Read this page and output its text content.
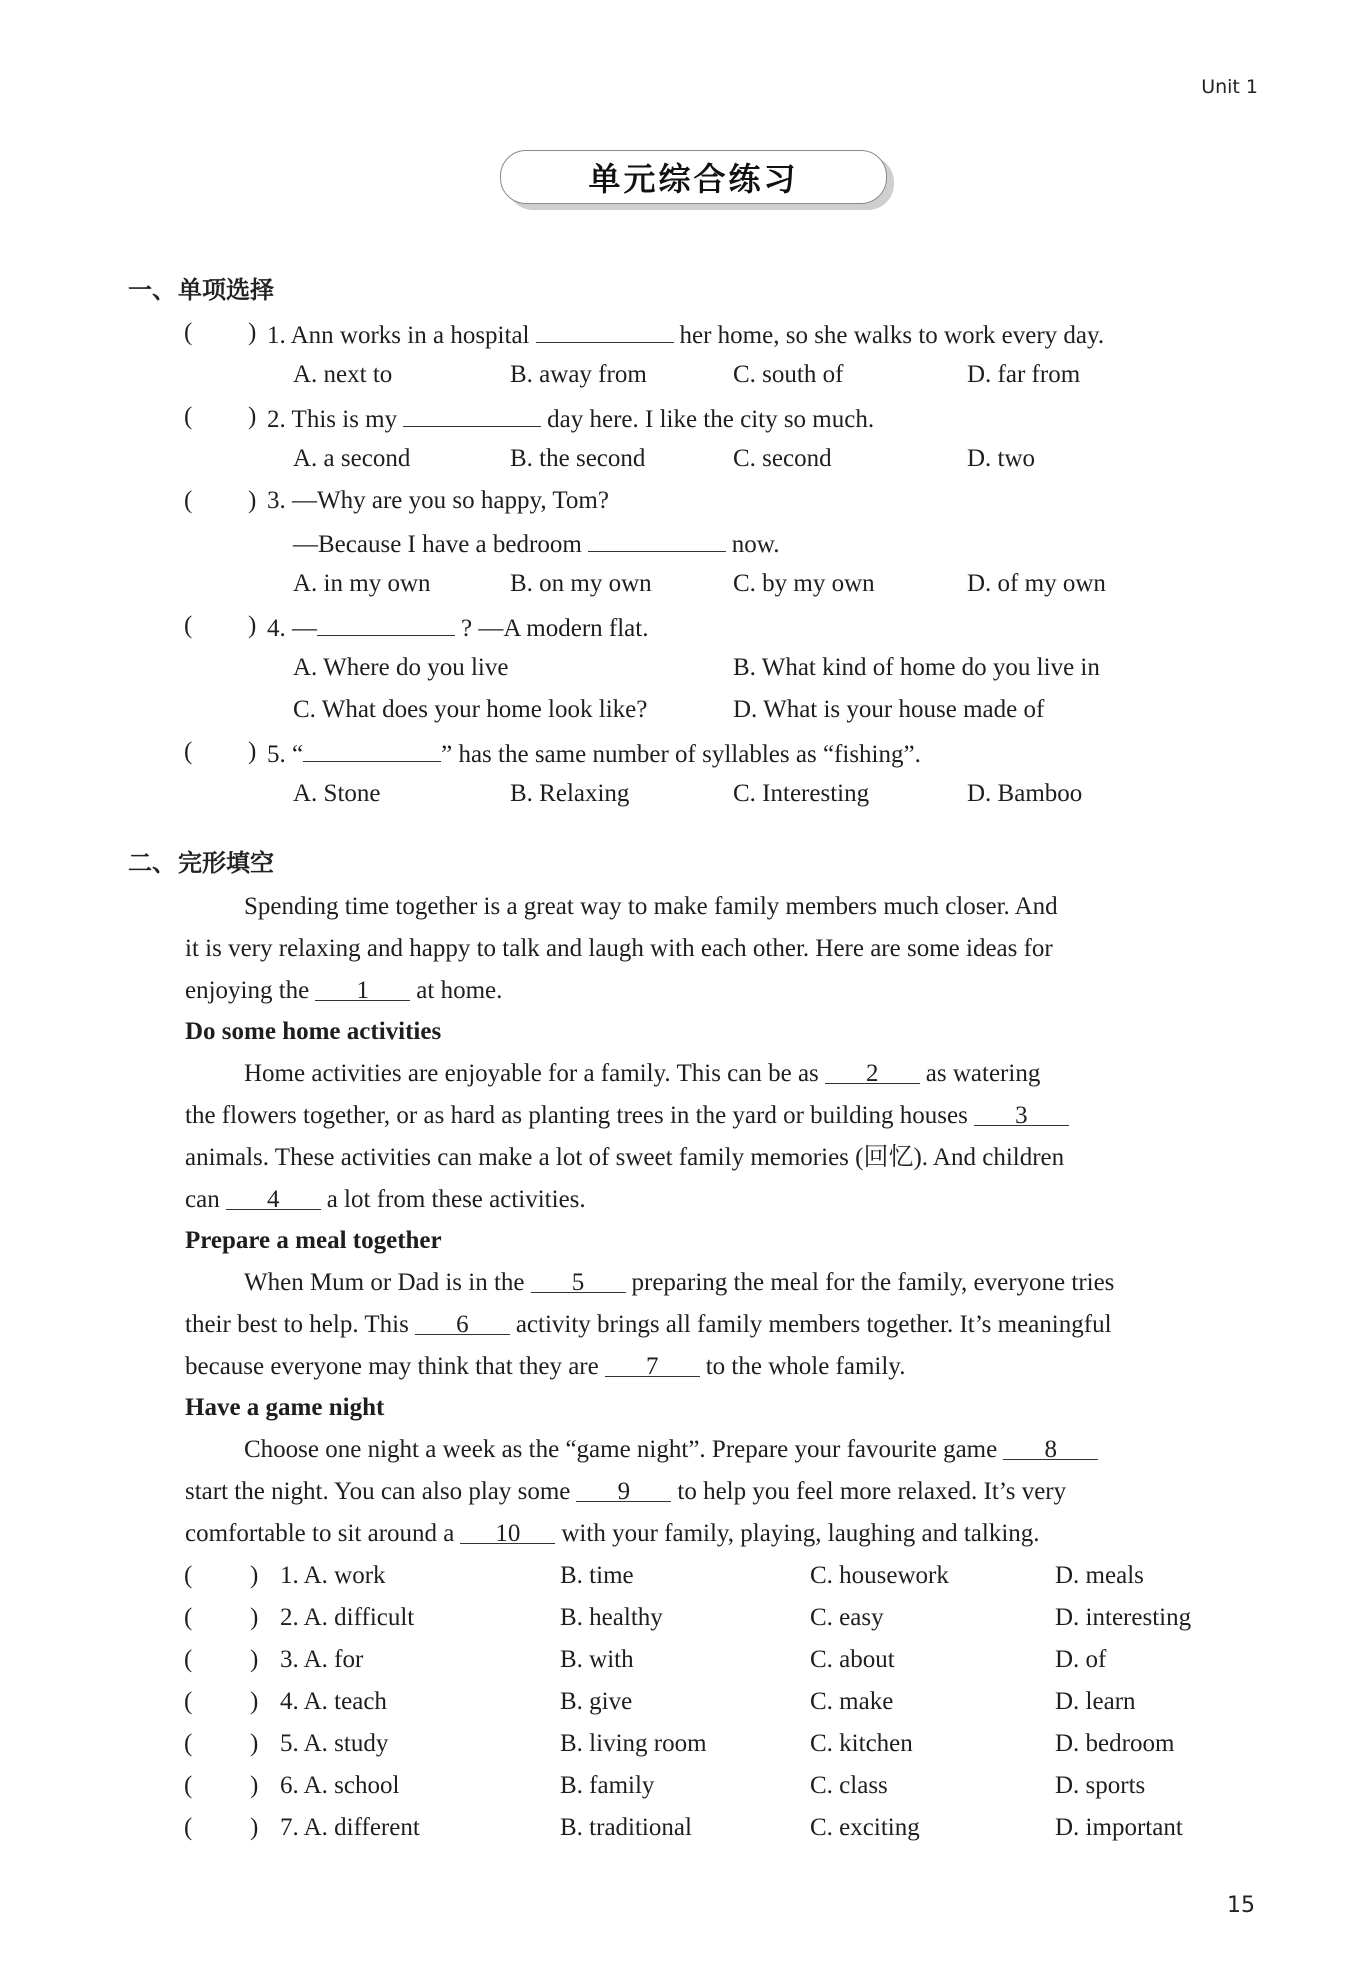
Unit 1
单元综合练习
一、单项选择
( ) 1. Ann works in a hospital	her home, so she walks to work every day.
A. next to	B. away from	C. south of	D. far from
( ) 2. This is my	day here. I like the city so much.
A. a second	B. the second	C. second	D. two
( ) 3. —Why are you so happy, Tom?
—Because I have a bedroom	now.
A. in my own	B. on my own	C. by my own	D. of my own
( ) 4. —	? —A modern flat.
A. Where do you live	B. What kind of home do you live in
C. What does your home look like?	D. What is your house made of
( ) 5. “	” has the same number of syllables as “fishing”.
A. Stone	B. Relaxing	C. Interesting	D. Bamboo
二、完形填空
Spending time together is a great way to make family members much closer. And
it is very relaxing and happy to talk and laugh with each other. Here are some ideas for
enjoying the 1 at home.
Do some home activities
Home activities are enjoyable for a family. This can be as 2 as watering
the flowers together, or as hard as planting trees in the yard or building houses 3
animals. These activities can make a lot of sweet family memories (回忆). And children
can 4 a lot from these activities.
Prepare a meal together
When Mum or Dad is in the 5 preparing the meal for the family, everyone tries
their best to help. This 6 activity brings all family members together. It’s meaningful
because everyone may think that they are 7 to the whole family.
Have a game night
Choose one night a week as the “game night”. Prepare your favourite game 8
start the night. You can also play some 9 to help you feel more relaxed. It’s very
comfortable to sit around a 10 with your family, playing, laughing and talking.
( ) 1. A. work	B. time	C. housework	D. meals
( ) 2. A. difficult	B. healthy	C. easy	D. interesting
( ) 3. A. for	B. with	C. about	D. of
( ) 4. A. teach	B. give	C. make	D. learn
( ) 5. A. study	B. living room	C. kitchen	D. bedroom
( ) 6. A. school	B. family	C. class	D. sports
( ) 7. A. different	B. traditional	C. exciting	D. important
15
